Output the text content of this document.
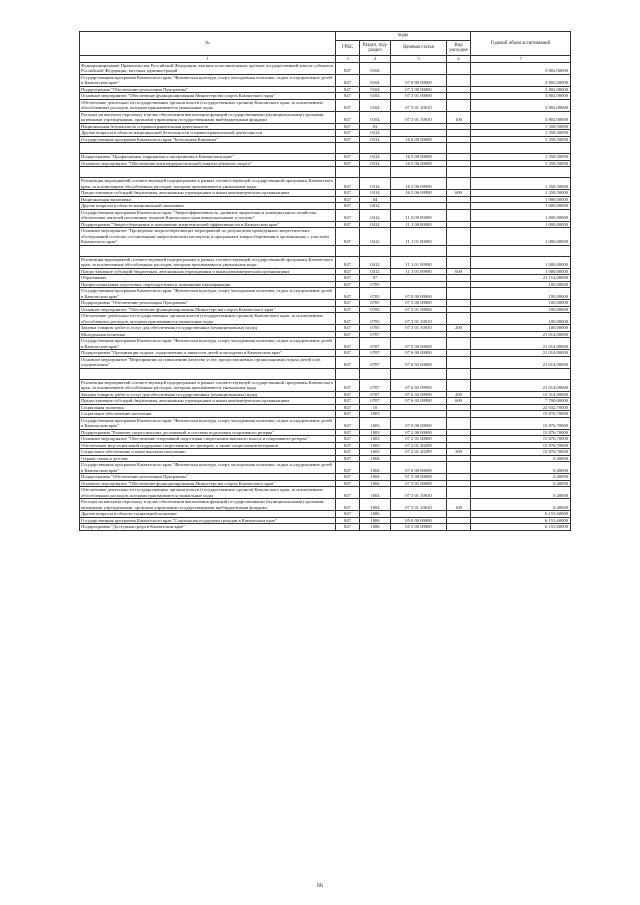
№	коды				Годовой объем ассигнований
	ГРБС	Раздел, под-раздел	Целевая статья	Вид расходов	
1	3	4	5	6	7
Функционирование Правительства Российской Федерации, высших исполнительных органов государственной власти субъектов Российской Федерации, местных администраций	847	0104			3 802,00000
Государственная программа Камчатского края "Физическая культура, спорт, молодежная политика, отдых и оздоровление детей в Камчатском крае"	847	0104	07 0 00 00000		3 802,00000
Подпрограмма "Обеспечение реализации Программы"	847	0104	07 3 00 00000		3 802,00000
Основное мероприятие "Обеспечение функционирования Министерства спорта Камчатского края"	847	0104	07 3 01 00000		3 802,00000
Обеспечение деятельности государственных органов власти (государственных органов) Камчатского края, за исключением обособленных расходов, которым присваиваются уникальные коды	847	0104	07 3 01 10010		3 802,00000
Расходы на выплаты персоналу в целях обеспечения выполнения функций государственными (муниципальными) органами, казенными учреждениями, органами управления государственными внебюджетными фондами	847	0104	07 3 01 10010	100	3 802,00000
Национальная безопасность и правоохранительная деятельность	847	03			1 358,50000
Другие вопросы в области национальной безопасности и правоохранительной деятельности	847	0314			1 358,50000
Государственная программа Камчатского края "Безопасная Камчатка"	847	0314	16 0 00 00000		1 358,50000

Подпрограмма "Профилактика терроризма и экстремизма в Камчатском крае"	847	0314	16 5 00 00000		1 358,50000
Основное мероприятие "Обеспечение антитеррористической защиты объектов спорта"	847	0314	16 5 06 00000		1 358,50000

Реализация мероприятий соответствующей подпрограммы в рамках соответствующей государственной программы Камчатского края, за исключением обособленных расходов, которым присваиваются уникальные коды	847	0314	16 5 06 09990		1 358,50000
Предоставление субсидий бюджетным, автономным учреждениям и иным некоммерческим организациям	847	0314	16 5 06 09990	600	1 358,50000
Национальная экономика	847	04			1 000,00000
Другие вопросы в области национальной экономики	847	0412			1 000,00000
Государственная программа Камчатского края "Энергоэффективность, развитие энергетики и коммунального хозяйства, обеспечение жителей населенных пунктов Камчатского края коммунальными услугами"	847	0412	11 0 00 00000		1 000,00000
Подпрограмма "Энергосбережение и повышение энергетической эффективности в Камчатском крае"	847	0412	11 1 00 00000		1 000,00000
Основное мероприятие "Проведение энергосберегающих мероприятий по результатам проведенных энергетических обследований согласно составленным энергетическим паспортам и программам энергосбережения в организациях с участием Камчатского края"	847	0412	11 1 01 00000		1 000,00000

Реализация мероприятий соответствующей подпрограммы в рамках соответствующей государственной программы Камчатского края, за исключением обособленных расходов, которым присваиваются уникальные коды	847	0412	11 1 01 09990		1 000,00000
Предоставление субсидий бюджетным, автономным учреждениям и иным некоммерческим организациям	847	0412	11 1 01 09990	600	1 000,00000
Образование	847	07			21 114,00000
Профессиональная подготовка, переподготовка и повышение квалификации	847	0705			100,00000
Государственная программа Камчатского края "Физическая культура, спорт, молодежная политика, отдых и оздоровление детей в Камчатском крае"	847	0705	07 0 00 00000		100,00000
Подпрограмма "Обеспечение реализации Программы"	847	0705	07 3 00 00000		100,00000
Основное мероприятие "Обеспечение функционирования Министерства спорта Камчатского края"	847	0705	07 3 01 00000		100,00000
Обеспечение деятельности государственных органов власти (государственных органов) Камчатского края, за исключением обособленных расходов, которым присваиваются уникальные коды	847	0705	07 3 01 10010		100,00000
Закупка товаров, работ и услуг для обеспечения государственных (муниципальных) нужд	847	0705	07 3 01 10010	200	100,00000
Молодежная политика	847	0707			21 014,00000
Государственная программа Камчатского края "Физическая культура, спорт, молодежная политика, отдых и оздоровление детей в Камчатском крае"	847	0707	07 0 00 00000		21 014,00000
Подпрограмма "Организация отдыха, оздоровления и занятости детей и молодежи в Камчатском крае"	847	0707	07 6 00 00000		21 014,00000
Основное мероприятие "Мероприятия по повышению качества услуг, предоставляемых организациями отдыха детей и их оздоровления"	847	0707	07 6 02 00000		21 014,00000

Реализация мероприятий соответствующей подпрограммы в рамках соответствующей государственной программы Камчатского края, за исключением обособленных расходов, которым присваиваются уникальные коды	847	0707	07 6 02 09990		21 014,00000
Закупка товаров, работ и услуг для обеспечения государственных (муниципальных) нужд	847	0707	07 6 02 09990	200	13 314,00000
Предоставление субсидий бюджетным, автономным учреждениям и иным некоммерческим организациям	847	0707	07 6 02 09990	600	7 700,00000
Социальная политика	847	10			22 032,70000
Социальное обеспечение населения	847	1003			15 876,70000
Государственная программа Камчатского края "Физическая культура, спорт, молодежная политика, отдых и оздоровление детей в Камчатском крае"	847	1003	07 0 00 00000		15 876,70000
Подпрограмма "Развитие спорта высших достижений и системы подготовки спортивного резерва"	847	1003	07 2 00 00000		15 876,70000
Основное мероприятие "Обеспечение спортивной подготовки спортсменов высокого класса и спортивного резерва"	847	1003	07 2 01 00000		15 876,70000
Обеспечение мер социальной поддержки спортсменов, их тренеров, а также спортсменов-ветеранов	847	1003	07 2 01 20290		15 876,70000
Социальное обеспечение и иные выплаты населению	847	1003	07 2 01 20290	300	15 876,70000
Охрана семьи и детства	847	1004			0,40000
Государственная программа Камчатского края "Физическая культура, спорт, молодежная политика, отдых и оздоровление детей в Камчатском крае"	847	1004	07 0 00 00000		0,40000
Подпрограмма "Обеспечение реализации Программы"	847	1004	07 3 00 00000		0,40000
Основное мероприятие "Обеспечение функционирования Министерства спорта Камчатского края"	847	1004	07 3 01 00000		0,40000
Обеспечение деятельности государственных органов власти (государственных органов) Камчатского края, за исключением обособленных расходов, которым присваиваются уникальные коды	847	1004	07 3 01 10010		0,40000
Расходы на выплаты персоналу в целях обеспечения выполнения функций государственными (муниципальными) органами, казенными учреждениями, органами управления государственными внебюджетными фондами	847	1004	07 3 01 10010	100	0,40000
Другие вопросы в области социальной политики	847	1006			6 155,60000
Государственная программа Камчатского края "Социальная поддержка граждан в Камчатском крае"	847	1006	05 0 00 00000		6 155,60000
Подпрограмма "Доступная среда в Камчатском крае"	847	1006	05 3 00 00000		6 155,60000
66
